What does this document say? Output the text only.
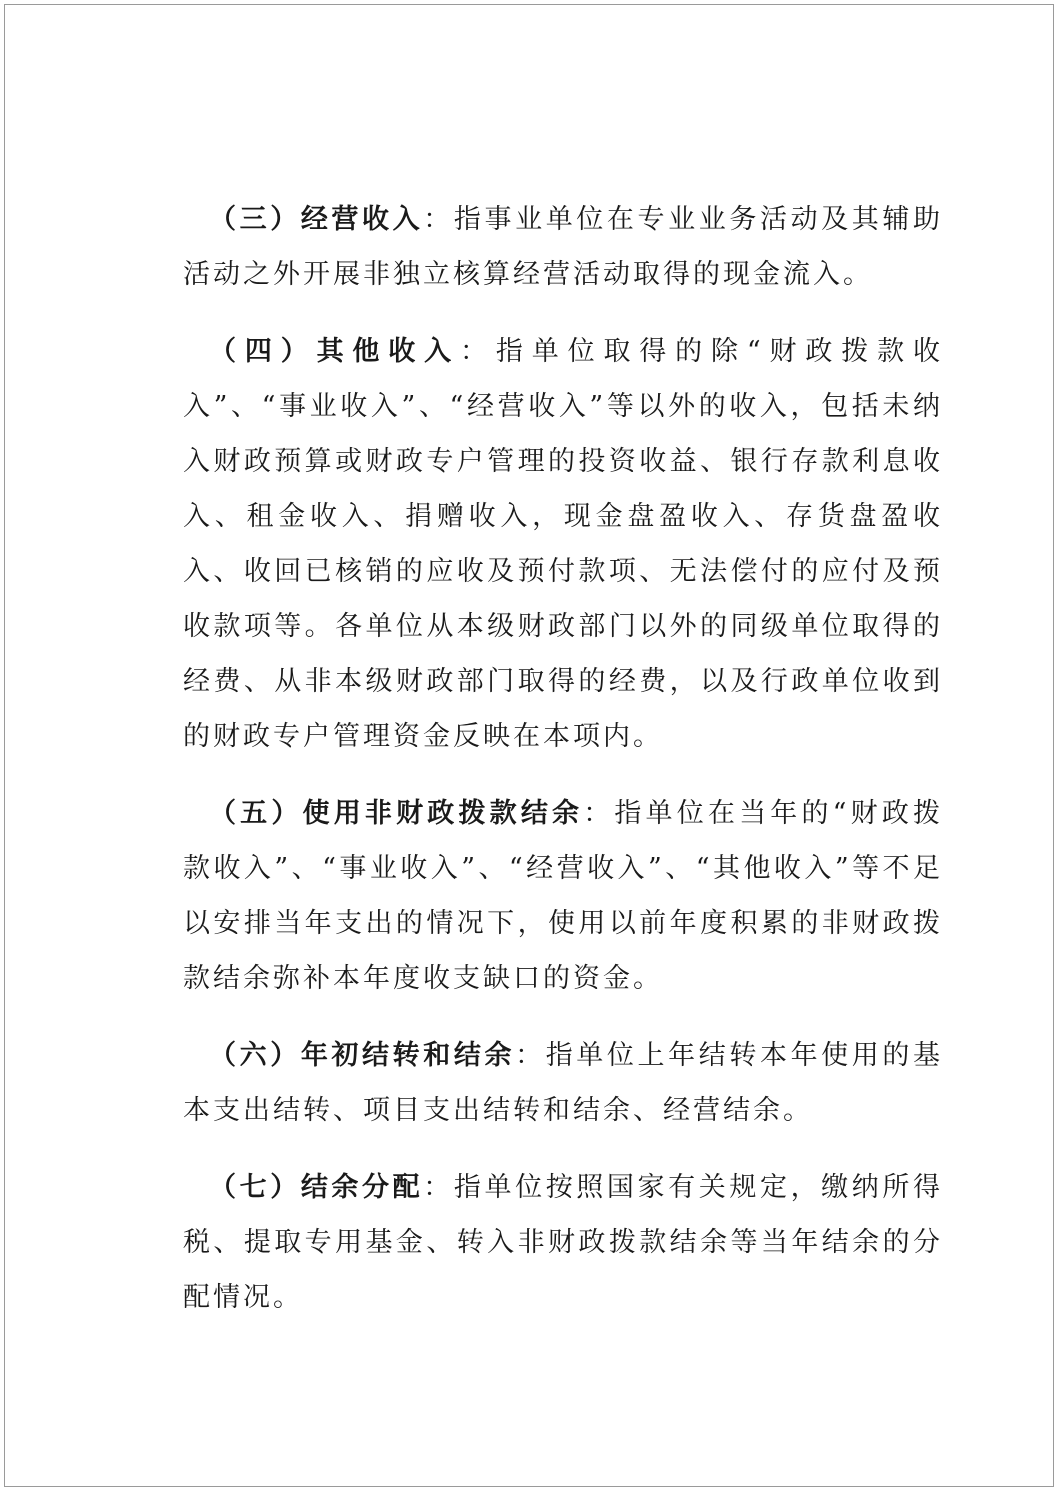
（三）经营收入：指事业单位在专业业务活动及其辅助活动之外开展非独立核算经营活动取得的现金流入。

（四）其他收入：指单位取得的除“财政拨款收入”、“事业收入”、“经营收入”等以外的收入，包括未纳入财政预算或财政专户管理的投资收益、银行存款利息收入、租金收入、捐赠收入，现金盘盈收入、存货盘盈收入、收回已核销的应收及预付款项、无法偿付的应付及预收款项等。各单位从本级财政部门以外的同级单位取得的经费、从非本级财政部门取得的经费，以及行政单位收到的财政专户管理资金反映在本项内。

（五）使用非财政拨款结余：指单位在当年的“财政拨款收入”、“事业收入”、“经营收入”、“其他收入”等不足以安排当年支出的情况下，使用以前年度积累的非财政拨款结余弥补本年度收支缺口的资金。

（六）年初结转和结余：指单位上年结转本年使用的基本支出结转、项目支出结转和结余、经营结余。

（七）结余分配：指单位按照国家有关规定，缴纳所得税、提取专用基金、转入非财政拨款结余等当年结余的分配情况。
